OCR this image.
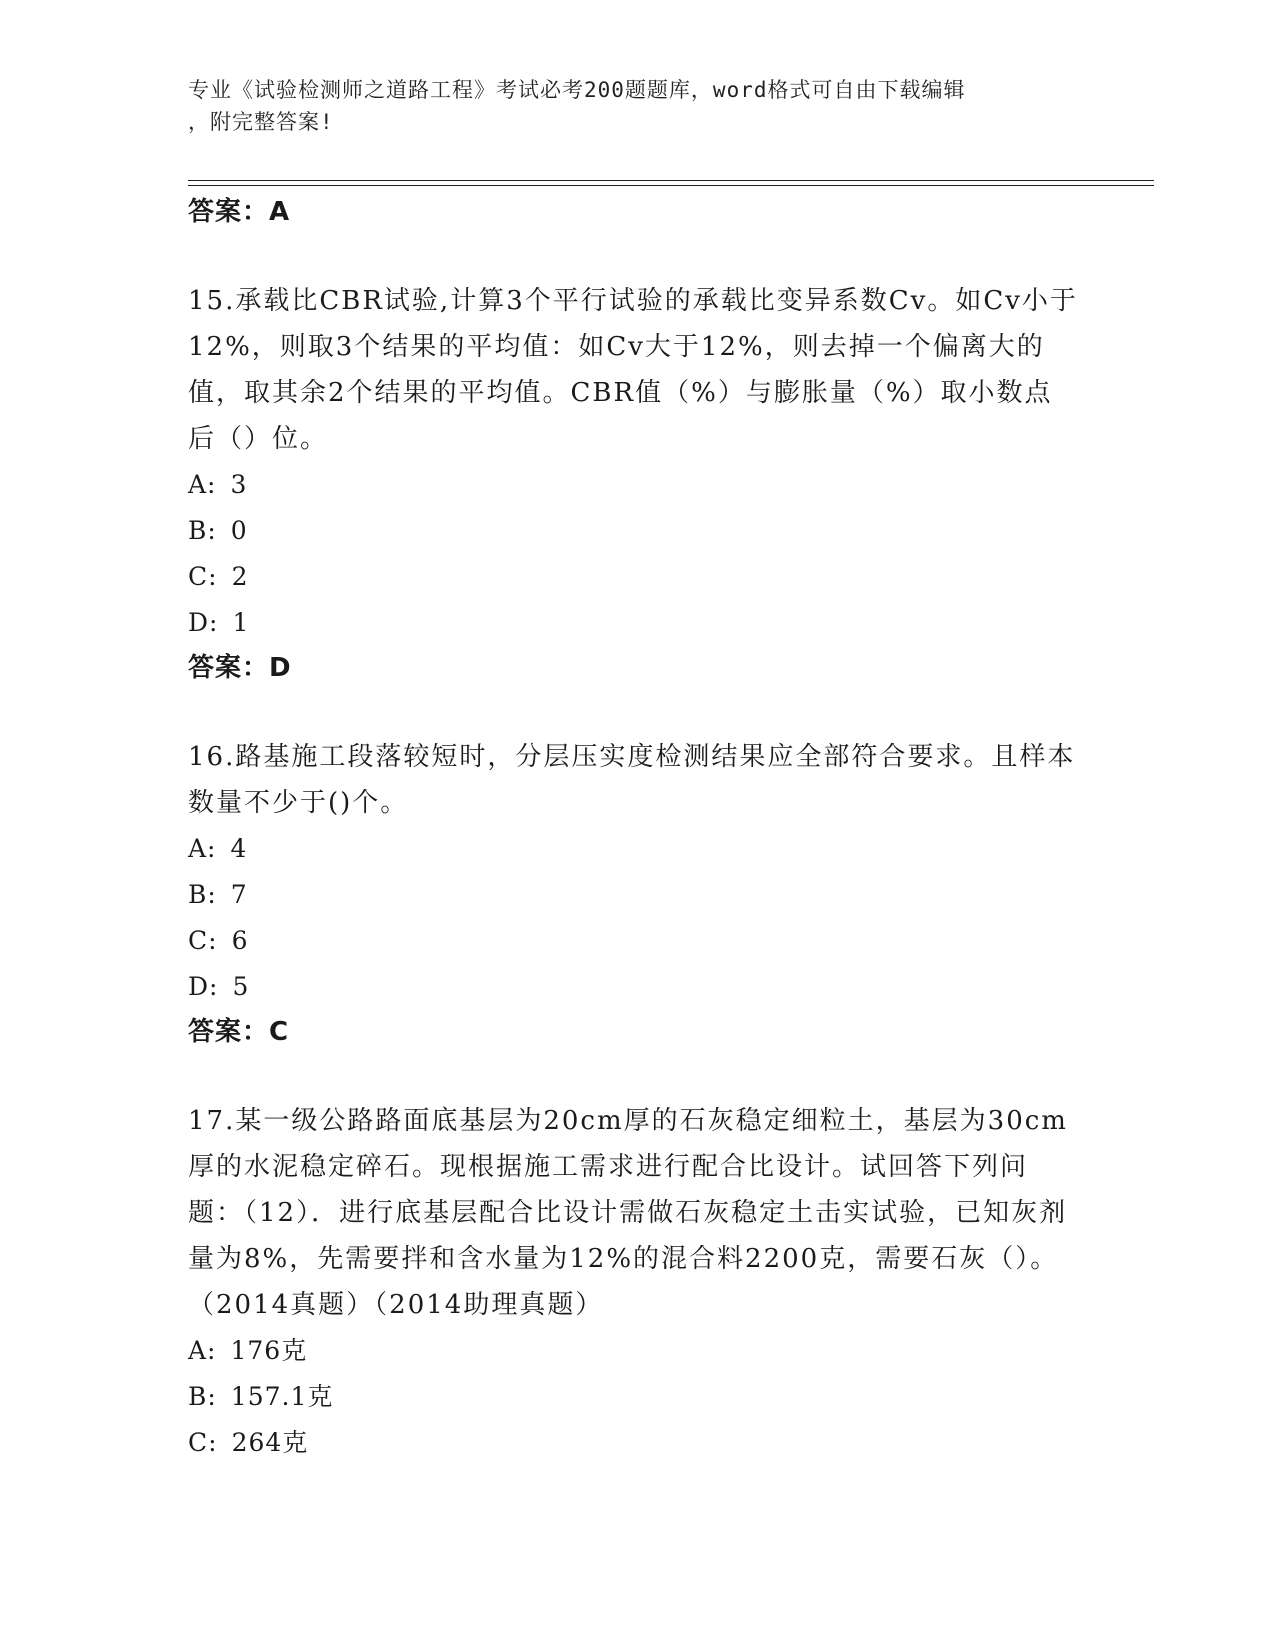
专业《试验检测师之道路工程》考试必考200题题库，word格式可自由下载编辑
，附完整答案!

答案：A

15.承载比CBR试验,计算3个平行试验的承载比变异系数Cv。如Cv小于12%，则取3个结果的平均值：如Cv大于12%，则去掉一个偏离大的值，取其余2个结果的平均值。CBR值（%）与膨胀量（%）取小数点后（）位。

A: 3

B: 0

C: 2

D: 1

答案：D

16.路基施工段落较短时，分层压实度检测结果应全部符合要求。且样本数量不少于()个。

A: 4

B: 7

C: 6

D: 5

答案：C

17.某一级公路路面底基层为20cm厚的石灰稳定细粒土，基层为30cm厚的水泥稳定碎石。现根据施工需求进行配合比设计。试回答下列问题：（12）．进行底基层配合比设计需做石灰稳定土击实试验，已知灰剂量为8%，先需要拌和含水量为12%的混合料2200克，需要石灰（）。（2014真题）（2014助理真题）

A: 176克

B: 157.1克

C: 264克
